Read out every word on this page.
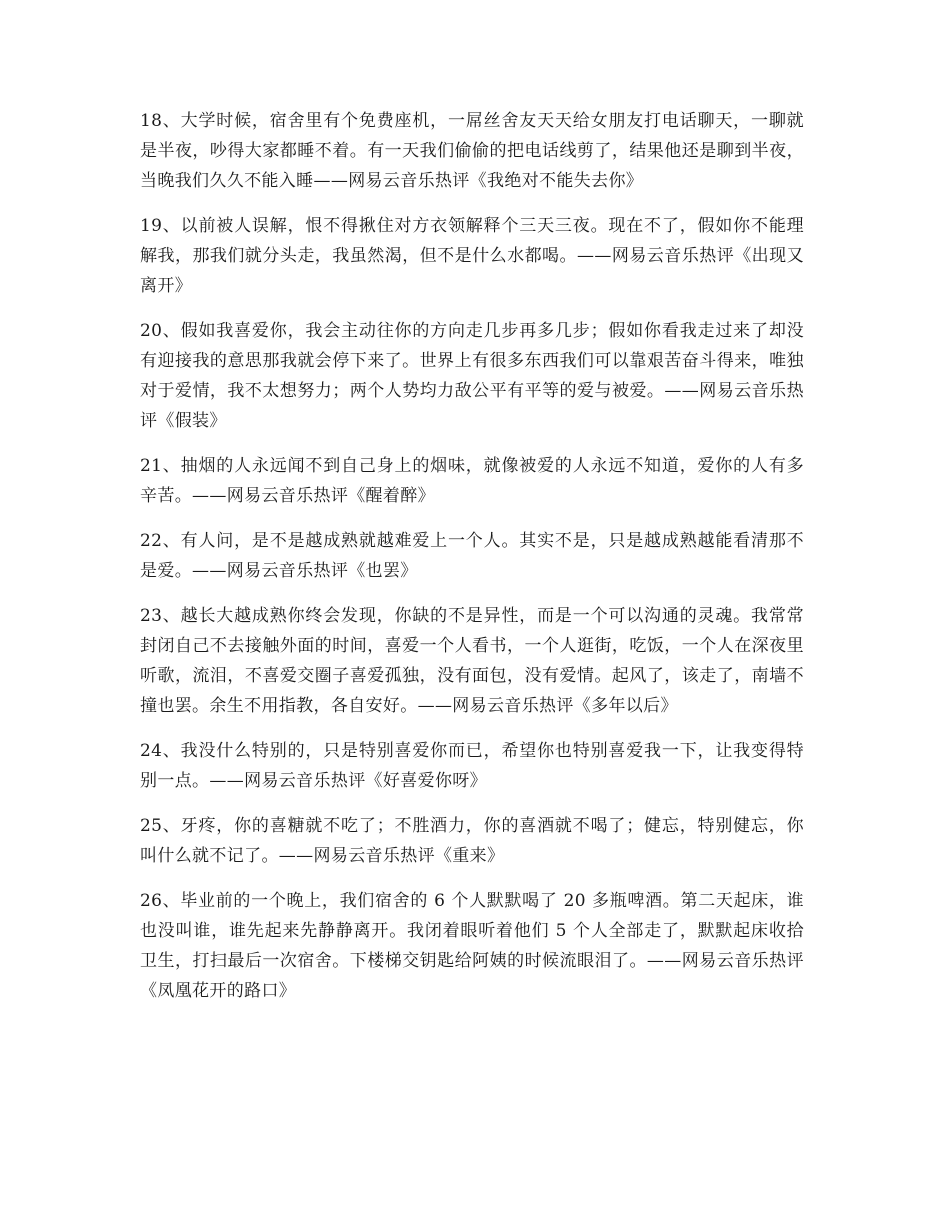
18、大学时候，宿舍里有个免费座机，一屌丝舍友天天给女朋友打电话聊天，一聊就是半夜，吵得大家都睡不着。有一天我们偷偷的把电话线剪了，结果他还是聊到半夜，当晚我们久久不能入睡——网易云音乐热评《我绝对不能失去你》

19、以前被人误解，恨不得揪住对方衣领解释个三天三夜。现在不了，假如你不能理解我，那我们就分头走，我虽然渴，但不是什么水都喝。——网易云音乐热评《出现又离开》

20、假如我喜爱你，我会主动往你的方向走几步再多几步；假如你看我走过来了却没有迎接我的意思那我就会停下来了。世界上有很多东西我们可以靠艰苦奋斗得来，唯独对于爱情，我不太想努力；两个人势均力敌公平有平等的爱与被爱。——网易云音乐热评《假装》

21、抽烟的人永远闻不到自己身上的烟味，就像被爱的人永远不知道，爱你的人有多辛苦。——网易云音乐热评《醒着醉》

22、有人问，是不是越成熟就越难爱上一个人。其实不是，只是越成熟越能看清那不是爱。——网易云音乐热评《也罢》

23、越长大越成熟你终会发现，你缺的不是异性，而是一个可以沟通的灵魂。我常常封闭自己不去接触外面的时间，喜爱一个人看书，一个人逛街，吃饭，一个人在深夜里听歌，流泪，不喜爱交圈子喜爱孤独，没有面包，没有爱情。起风了，该走了，南墙不撞也罢。余生不用指教，各自安好。——网易云音乐热评《多年以后》

24、我没什么特别的，只是特别喜爱你而已，希望你也特别喜爱我一下，让我变得特别一点。——网易云音乐热评《好喜爱你呀》

25、牙疼，你的喜糖就不吃了；不胜酒力，你的喜酒就不喝了；健忘，特别健忘，你叫什么就不记了。——网易云音乐热评《重来》

26、毕业前的一个晚上，我们宿舍的 6 个人默默喝了 20 多瓶啤酒。第二天起床，谁也没叫谁，谁先起来先静静离开。我闭着眼听着他们 5 个人全部走了，默默起床收拾卫生，打扫最后一次宿舍。下楼梯交钥匙给阿姨的时候流眼泪了。——网易云音乐热评《凤凰花开的路口》
